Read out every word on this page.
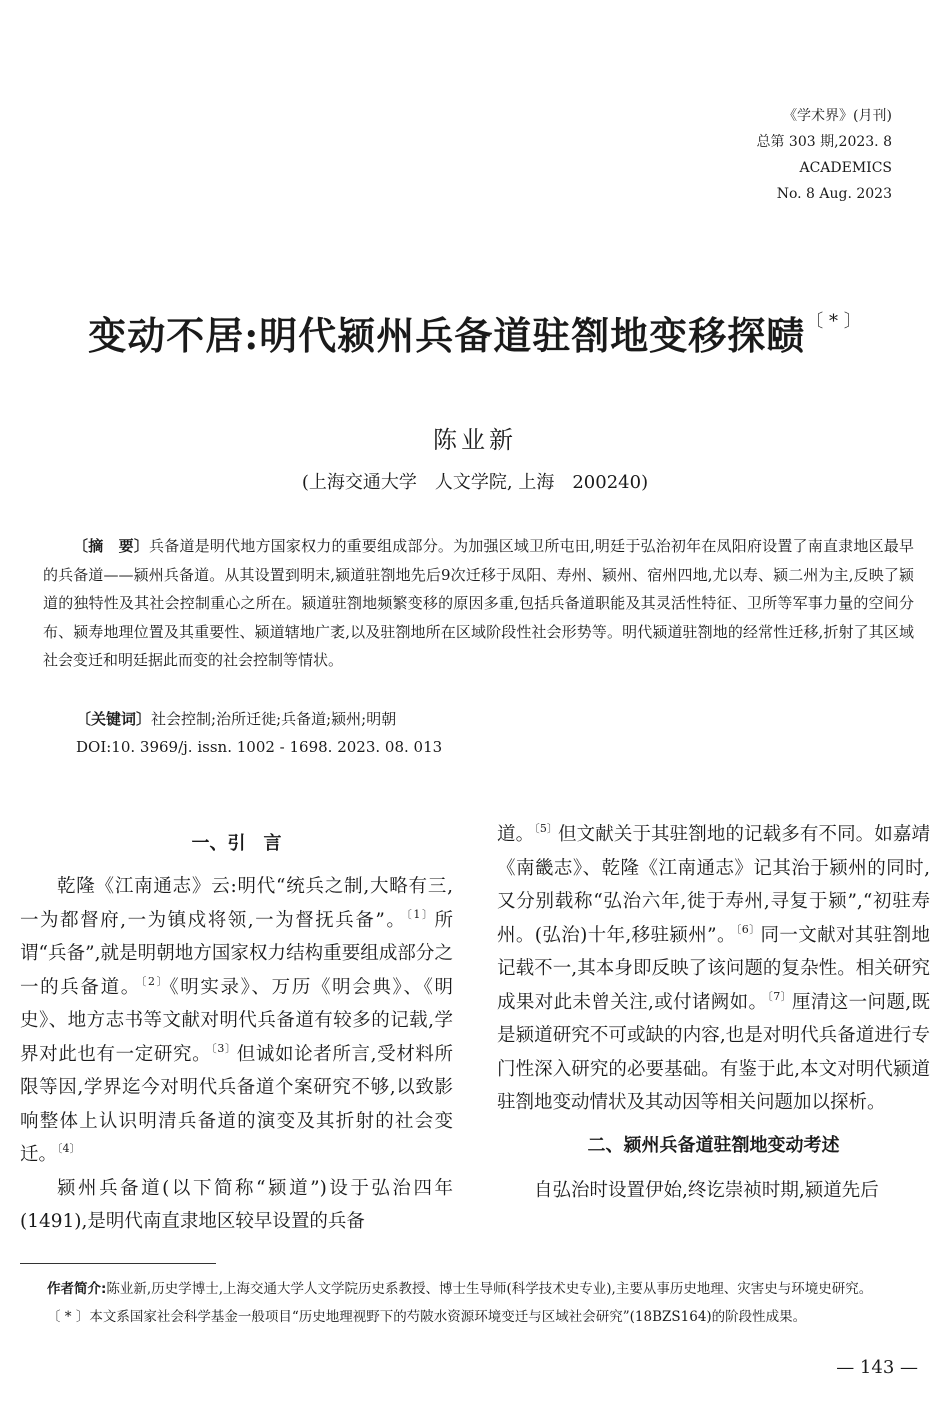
《学术界》(月刊)
总第 303 期,2023. 8
ACADEMICS
No. 8 Aug. 2023
变动不居:明代颍州兵备道驻劄地变移探赜〔 * 〕
陈业新
(上海交通大学　人文学院, 上海　200240)

〔摘　要〕兵备道是明代地方国家权力的重要组成部分。为加强区域卫所屯田,明廷于弘治初年在凤阳府设置了南直隶地区最早的兵备道——颍州兵备道。从其设置到明末,颍道驻劄地先后9次迁移于凤阳、寿州、颍州、宿州四地,尤以寿、颍二州为主,反映了颍道的独特性及其社会控制重心之所在。颍道驻劄地频繁变移的原因多重,包括兵备道职能及其灵活性特征、卫所等军事力量的空间分布、颍寿地理位置及其重要性、颍道辖地广袤,以及驻劄地所在区域阶段性社会形势等。明代颍道驻劄地的经常性迁移,折射了其区域社会变迁和明廷据此而变的社会控制等情状。

〔关键词〕社会控制;治所迁徙;兵备道;颍州;明朝
DOI:10. 3969/j. issn. 1002 - 1698. 2023. 08. 013
一、引　言

乾隆《江南通志》云:明代“统兵之制,大略有三,一为都督府,一为镇戍将领,一为督抚兵备”。$^{〔1〕}$所谓“兵备”,就是明朝地方国家权力结构重要组成部分之一的兵备道。$^{〔2〕}$《明实录》、万历《明会典》、《明史》、地方志书等文献对明代兵备道有较多的记载,学界对此也有一定研究。$^{〔3〕}$但诚如论者所言,受材料所限等因,学界迄今对明代兵备道个案研究不够,以致影响整体上认识明清兵备道的演变及其折射的社会变迁。$^{〔4〕}$

颍州兵备道(以下简称“颍道”)设于弘治四年(1491),是明代南直隶地区较早设置的兵备

道。$^{〔5〕}$但文献关于其驻劄地的记载多有不同。如嘉靖《南畿志》、乾隆《江南通志》记其治于颍州的同时,又分别载称“弘治六年,徙于寿州,寻复于颍”,“初驻寿州。(弘治)十年,移驻颍州”。$^{〔6〕}$同一文献对其驻劄地记载不一,其本身即反映了该问题的复杂性。相关研究成果对此未曾关注,或付诸阙如。$^{〔7〕}$厘清这一问题,既是颍道研究不可或缺的内容,也是对明代兵备道进行专门性深入研究的必要基础。有鉴于此,本文对明代颍道驻劄地变动情状及其动因等相关问题加以探析。

二、颍州兵备道驻劄地变动考述

自弘治时设置伊始,终讫崇祯时期,颍道先后

作者简介:陈业新,历史学博士,上海交通大学人文学院历史系教授、博士生导师(科学技术史专业),主要从事历史地理、灾害史与环境史研究。

〔 * 〕本文系国家社会科学基金一般项目“历史地理视野下的芍陂水资源环境变迁与区域社会研究”(18BZS164)的阶段性成果。

— 143 —
